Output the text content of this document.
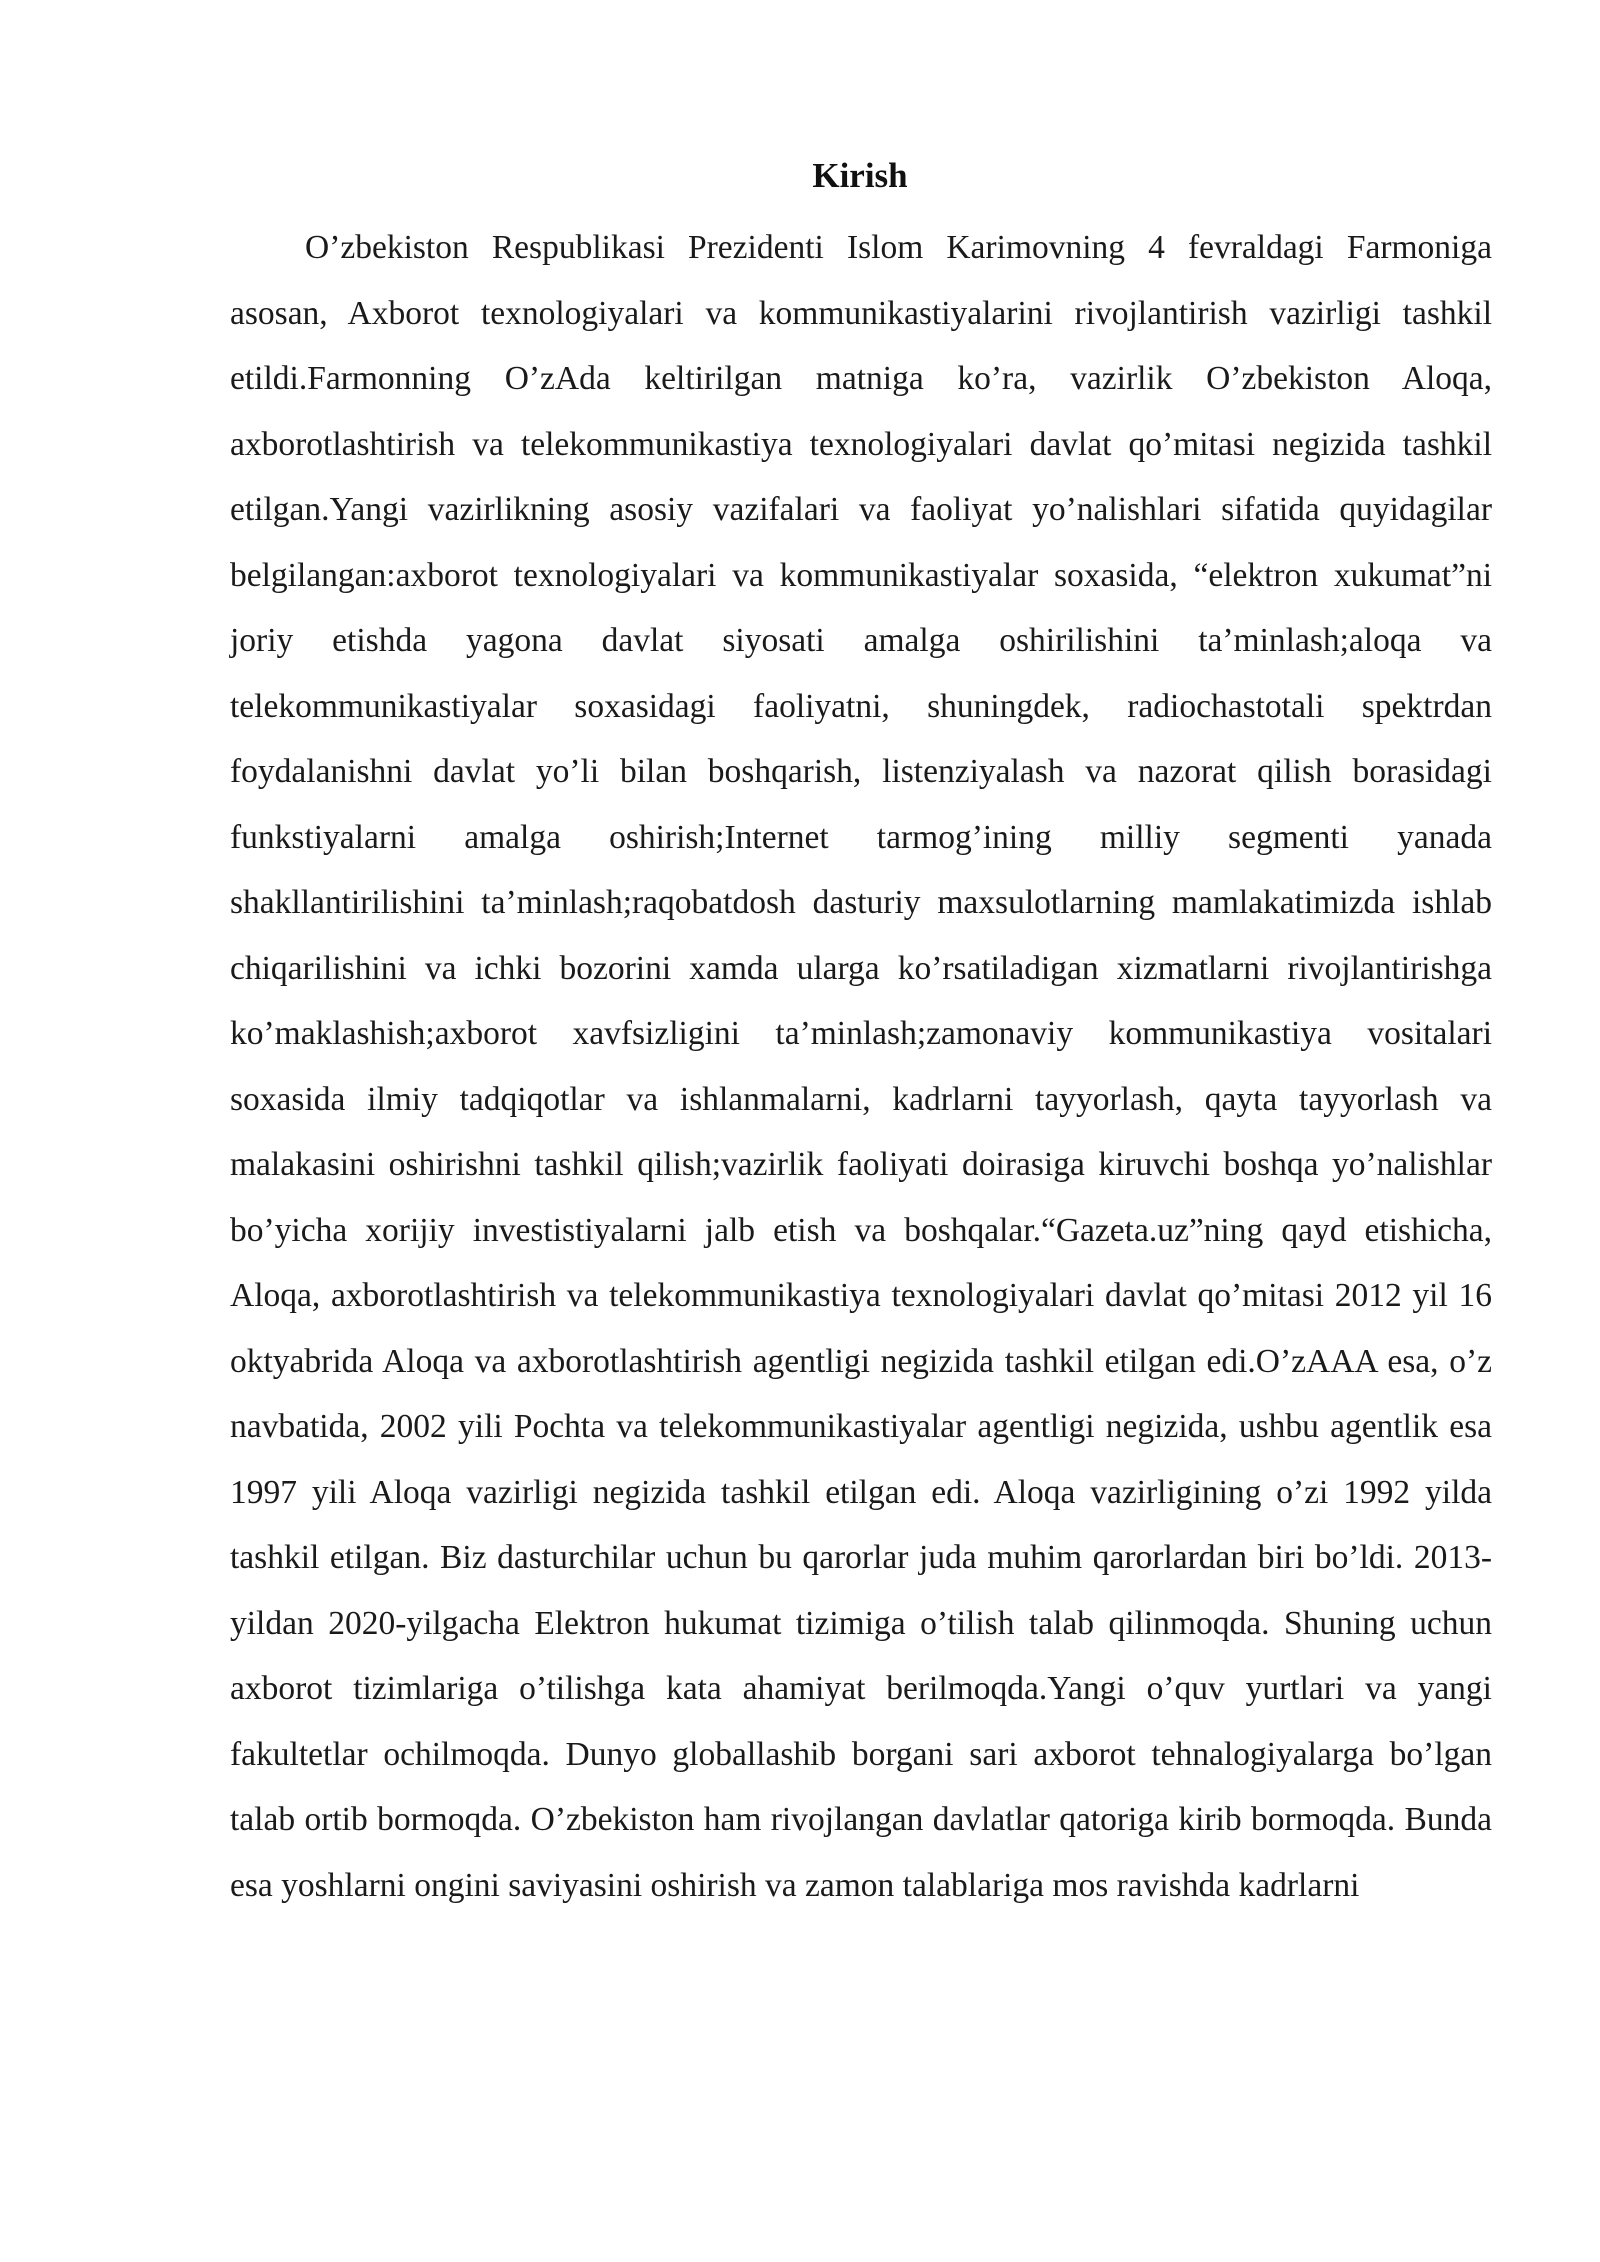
Kirish

O’zbekiston Respublikasi Prezidenti Islom Karimovning 4 fevraldagi Farmoniga asosan, Axborot texnologiyalari va kommunikastiyalarini rivojlantirish vazirligi tashkil etildi.Farmonning O’zAda keltirilgan matniga ko’ra, vazirlik O’zbekiston Aloqa, axborotlashtirish va telekommunikastiya texnologiyalari davlat qo’mitasi negizida tashkil etilgan.Yangi vazirlikning asosiy vazifalari va faoliyat yo’nalishlari sifatida quyidagilar belgilangan:axborot texnologiyalari va kommunikastiyalar soxasida, “elektron xukumat”ni joriy etishda yagona davlat siyosati amalga oshirilishini ta’minlash;aloqa va telekommunikastiyalar soxasidagi faoliyatni, shuningdek, radiochastotali spektrdan foydalanishni davlat yo’li bilan boshqarish, listenziyalash va nazorat qilish borasidagi funkstiyalarni amalga oshirish;Internet tarmog’ining milliy segmenti yanada shakllantirilishini ta’minlash;raqobatdosh dasturiy maxsulotlarning mamlakatimizda ishlab chiqarilishini va ichki bozorini xamda ularga ko’rsatiladigan xizmatlarni rivojlantirishga ko’maklashish;axborot xavfsizligini ta’minlash;zamonaviy kommunikastiya vositalari soxasida ilmiy tadqiqotlar va ishlanmalarni, kadrlarni tayyorlash, qayta tayyorlash va malakasini oshirishni tashkil qilish;vazirlik faoliyati doirasiga kiruvchi boshqa yo’nalishlar bo’yicha xorijiy investistiyalarni jalb etish va boshqalar.“Gazeta.uz”ning qayd etishicha, Aloqa, axborotlashtirish va telekommunikastiya texnologiyalari davlat qo’mitasi 2012 yil 16 oktyabrida Aloqa va axborotlashtirish agentligi negizida tashkil etilgan edi.O’zAAA esa, o’z navbatida, 2002 yili Pochta va telekommunikastiyalar agentligi negizida, ushbu agentlik esa 1997 yili Aloqa vazirligi negizida tashkil etilgan edi. Aloqa vazirligining o’zi 1992 yilda tashkil etilgan. Biz dasturchilar uchun bu qarorlar juda muhim qarorlardan biri bo’ldi. 2013- yildan 2020-yilgacha Elektron hukumat tizimiga o’tilish talab qilinmoqda. Shuning uchun axborot tizimlariga o’tilishga kata ahamiyat berilmoqda.Yangi o’quv yurtlari va yangi fakultetlar ochilmoqda. Dunyo globallashib borgani sari axborot tehnalogiyalarga bo’lgan talab ortib bormoqda. O’zbekiston ham rivojlangan davlatlar qatoriga kirib bormoqda. Bunda esa yoshlarni ongini saviyasini oshirish va zamon talablariga mos ravishda kadrlarni
